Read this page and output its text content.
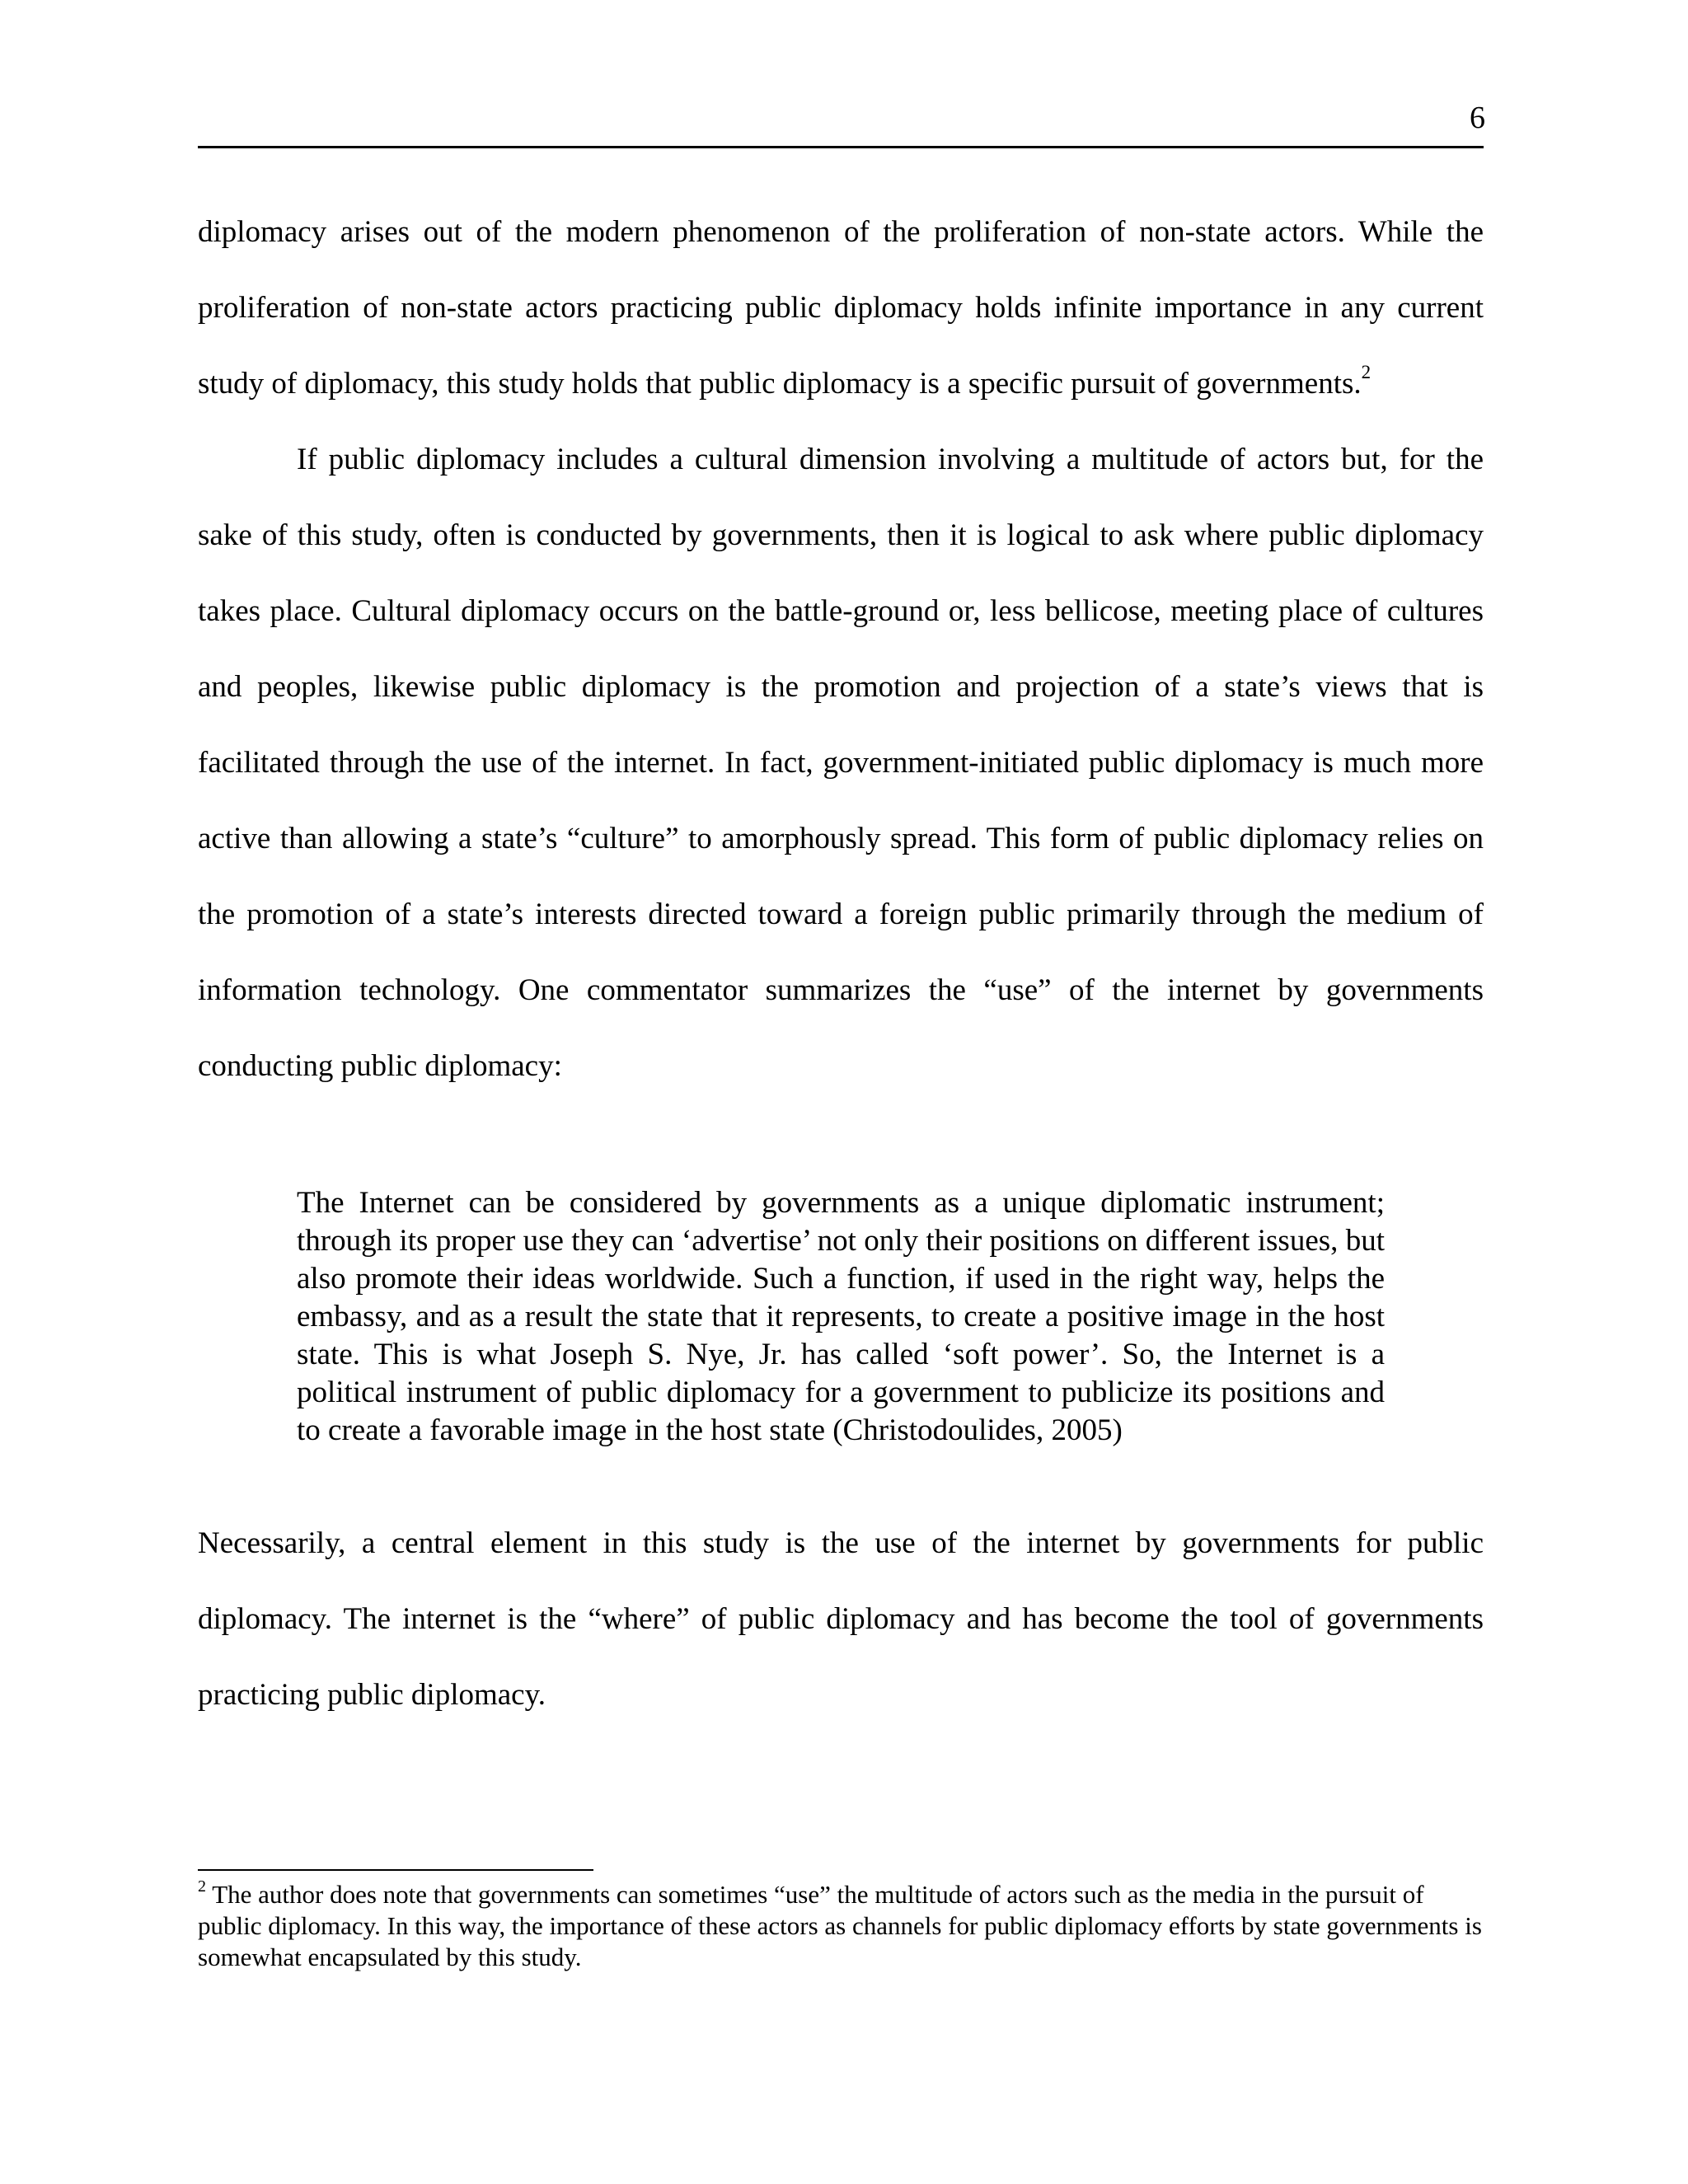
6

diplomacy arises out of the modern phenomenon of the proliferation of non-state actors. While the proliferation of non-state actors practicing public diplomacy holds infinite importance in any current study of diplomacy, this study holds that public diplomacy is a specific pursuit of governments.$^2$

If public diplomacy includes a cultural dimension involving a multitude of actors but, for the sake of this study, often is conducted by governments, then it is logical to ask where public diplomacy takes place. Cultural diplomacy occurs on the battle-ground or, less bellicose, meeting place of cultures and peoples, likewise public diplomacy is the promotion and projection of a state’s views that is facilitated through the use of the internet. In fact, government-initiated public diplomacy is much more active than allowing a state’s “culture” to amorphously spread. This form of public diplomacy relies on the promotion of a state’s interests directed toward a foreign public primarily through the medium of information technology. One commentator summarizes the “use” of the internet by governments conducting public diplomacy:

The Internet can be considered by governments as a unique diplomatic instrument; through its proper use they can ‘advertise’ not only their positions on different issues, but also promote their ideas worldwide. Such a function, if used in the right way, helps the embassy, and as a result the state that it represents, to create a positive image in the host state. This is what Joseph S. Nye, Jr. has called ‘soft power’. So, the Internet is a political instrument of public diplomacy for a government to publicize its positions and to create a favorable image in the host state (Christodoulides, 2005)

Necessarily, a central element in this study is the use of the internet by governments for public diplomacy. The internet is the “where” of public diplomacy and has become the tool of governments practicing public diplomacy.

$^2$ The author does note that governments can sometimes “use” the multitude of actors such as the media in the pursuit of public diplomacy. In this way, the importance of these actors as channels for public diplomacy efforts by state governments is somewhat encapsulated by this study.
